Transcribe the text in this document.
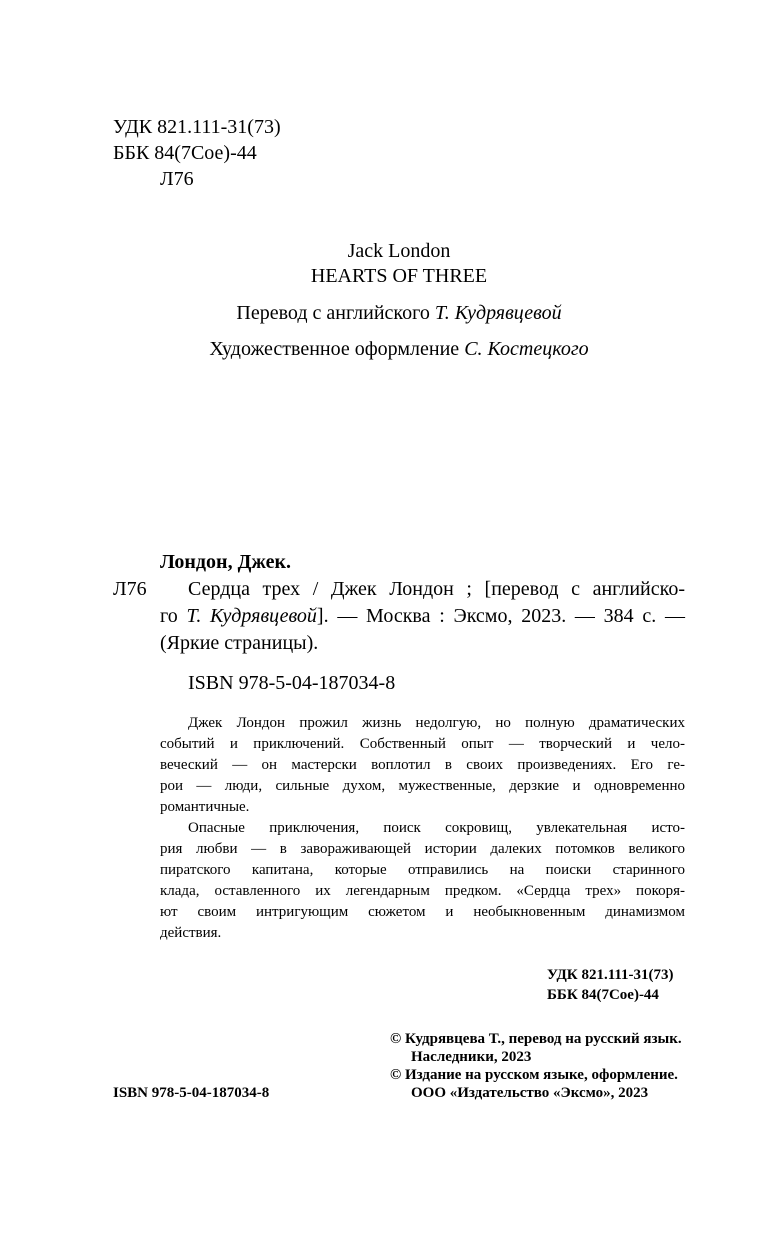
УДК 821.111-31(73)
ББК 84(7Сое)-44
Л76
Jack London
HEARTS OF THREE
Перевод с английского Т. Кудрявцевой
Художественное оформление С. Костецкого
Лондон, Джек.
Л76 Сердца трех / Джек Лондон ; [перевод с английско-
го Т. Кудрявцевой]. — Москва : Эксмо, 2023. — 384 с. —
(Яркие страницы).
ISBN 978-5-04-187034-8
Джек Лондон прожил жизнь недолгую, но полную драматических
событий и приключений. Собственный опыт — творческий и чело-
веческий — он мастерски воплотил в своих произведениях. Его ге-
рои — люди, сильные духом, мужественные, дерзкие и одновременно
романтичные.
Опасные приключения, поиск сокровищ, увлекательная исто-
рия любви — в завораживающей истории далеких потомков великого
пиратского капитана, которые отправились на поиски старинного
клада, оставленного их легендарным предком. «Сердца трех» покоря-
ют своим интригующим сюжетом и необыкновенным динамизмом
действия.
УДК 821.111-31(73)
ББК 84(7Сое)-44
© Кудрявцева Т., перевод на русский язык.
Наследники, 2023
© Издание на русском языке, оформление.
ООО «Издательство «Эксмо», 2023
ISBN 978-5-04-187034-8
